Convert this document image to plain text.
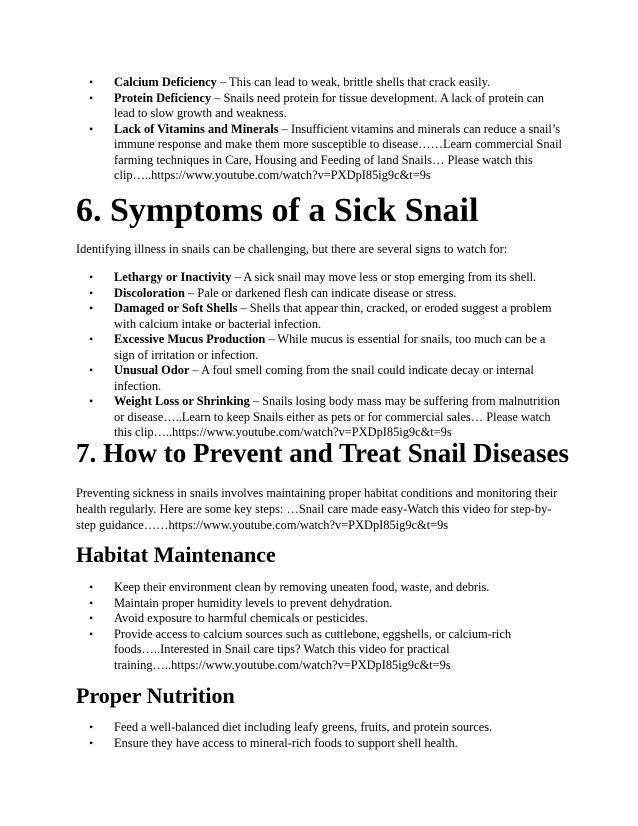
• Calcium Deficiency – This can lead to weak, brittle shells that crack easily.
• Protein Deficiency – Snails need protein for tissue development. A lack of protein can lead to slow growth and weakness.
• Lack of Vitamins and Minerals – Insufficient vitamins and minerals can reduce a snail’s immune response and make them more susceptible to disease……Learn commercial Snail farming techniques in Care, Housing and Feeding of land Snails… Please watch this clip…..https://www.youtube.com/watch?v=PXDpI85ig9c&t=9s
6. Symptoms of a Sick Snail

Identifying illness in snails can be challenging, but there are several signs to watch for:

• Lethargy or Inactivity – A sick snail may move less or stop emerging from its shell.
• Discoloration – Pale or darkened flesh can indicate disease or stress.
• Damaged or Soft Shells – Shells that appear thin, cracked, or eroded suggest a problem with calcium intake or bacterial infection.
• Excessive Mucus Production – While mucus is essential for snails, too much can be a sign of irritation or infection.
• Unusual Odor – A foul smell coming from the snail could indicate decay or internal infection.
• Weight Loss or Shrinking – Snails losing body mass may be suffering from malnutrition or disease…..Learn to keep Snails either as pets or for commercial sales… Please watch this clip…..https://www.youtube.com/watch?v=PXDpI85ig9c&t=9s
7. How to Prevent and Treat Snail Diseases

Preventing sickness in snails involves maintaining proper habitat conditions and monitoring their health regularly. Here are some key steps: …Snail care made easy-Watch this video for step-by-step guidance……https://www.youtube.com/watch?v=PXDpI85ig9c&t=9s

Habitat Maintenance
• Keep their environment clean by removing uneaten food, waste, and debris.
• Maintain proper humidity levels to prevent dehydration.
• Avoid exposure to harmful chemicals or pesticides.
• Provide access to calcium sources such as cuttlebone, eggshells, or calcium-rich foods…..Interested in Snail care tips? Watch this video for practical training…..https://www.youtube.com/watch?v=PXDpI85ig9c&t=9s
Proper Nutrition
• Feed a well-balanced diet including leafy greens, fruits, and protein sources.
• Ensure they have access to mineral-rich foods to support shell health.
